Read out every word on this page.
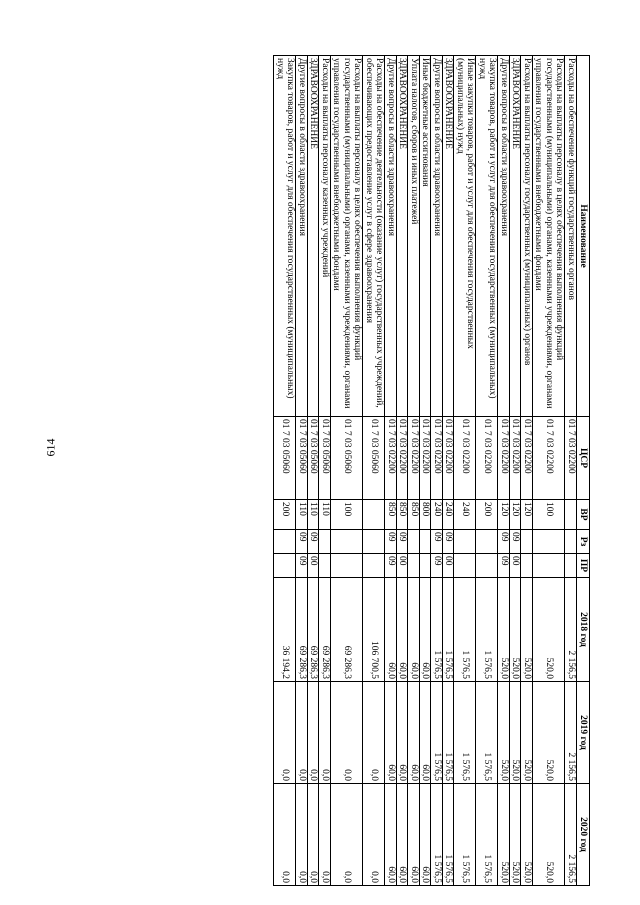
614
Наименование	ЦСР	ВР	Рз	ПР	2018 год	2019 год	2020 год
Расходы на обеспечение функций государственных органов	01 7 03 02200				2 156,5	2 156,5	2 156,5
Расходы на выплаты персоналу в целях обеспечения выполнения функций государственными (муниципальными) органами, казенными учреждениями, органами управления государственными внебюджетными фондами	01 7 03 02200	100			520,0	520,0	520,0
Расходы на выплаты персоналу государственных (муниципальных) органов	01 7 03 02200	120			520,0	520,0	520,0
ЗДРАВООХРАНЕНИЕ	01 7 03 02200	120	09	00	520,0	520,0	520,0
Другие вопросы в области здравоохранения	01 7 03 02200	120	09	09	520,0	520,0	520,0
Закупка товаров, работ и услуг для обеспечения государственных (муниципальных) нужд	01 7 03 02200	200			1 576,5	1 576,5	1 576,5
Иные закупки товаров, работ и услуг для обеспечения государственных (муниципальных) нужд	01 7 03 02200	240			1 576,5	1 576,5	1 576,5
ЗДРАВООХРАНЕНИЕ	01 7 03 02200	240	09	00	1 576,5	1 576,5	1 576,5
Другие вопросы в области здравоохранения	01 7 03 02200	240	09	09	1 576,5	1 576,5	1 576,5
Иные бюджетные ассигнования	01 7 03 02200	800			60,0	60,0	60,0
Уплата налогов, сборов и иных платежей	01 7 03 02200	850			60,0	60,0	60,0
ЗДРАВООХРАНЕНИЕ	01 7 03 02200	850	09	00	60,0	60,0	60,0
Другие вопросы в области здравоохранения	01 7 03 02200	850	09	09	60,0	60,0	60,0
Расходы на обеспечение деятельности (оказание услуг) государственных учреждений, обеспечивающих предоставление услуг в сфере здравоохранения	01 7 03 05060				106 700,5	0,0	0,0
Расходы на выплаты персоналу в целях обеспечения выполнения функций государственными (муниципальными) органами, казенными учреждениями, органами управления государственными внебюджетными фондами	01 7 03 05060	100			69 286,3	0,0	0,0
Расходы на выплаты персоналу казенных учреждений	01 7 03 05060	110			69 286,3	0,0	0,0
ЗДРАВООХРАНЕНИЕ	01 7 03 05060	110	09	00	69 286,3	0,0	0,0
Другие вопросы в области здравоохранения	01 7 03 05060	110	09	09	69 286,3	0,0	0,0
Закупка товаров, работ и услуг для обеспечения государственных (муниципальных) нужд	01 7 03 05060	200			36 194,2	0,0	0,0
